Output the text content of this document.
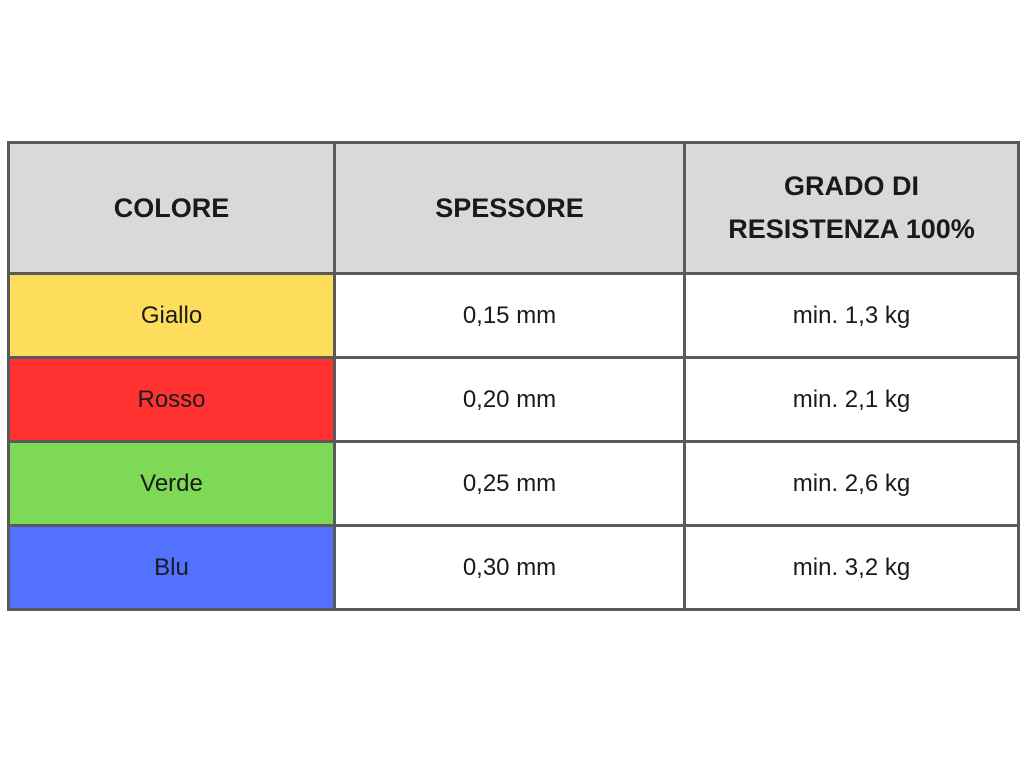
COLORE	SPESSORE	GRADO DI RESISTENZA 100%
Giallo	0,15 mm	min. 1,3 kg
Rosso	0,20 mm	min. 2,1 kg
Verde	0,25 mm	min. 2,6 kg
Blu	0,30 mm	min. 3,2 kg
